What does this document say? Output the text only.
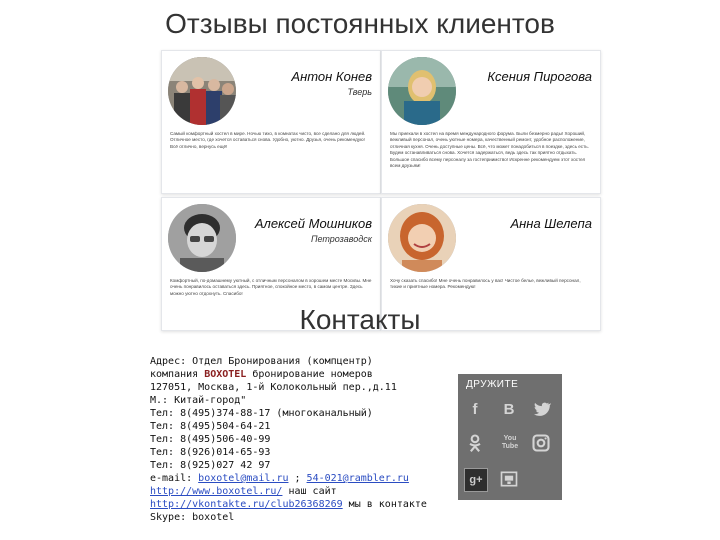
Отзывы постоянных клиентов
Антон Конев
Тверь
Самый комфортный хостел в мире. Ночью тихо, в комнатах чисто, все сделано для людей. Отличное место, где хочется оставаться снова. Удобно, уютно. Друзья, очень рекомендую! Всё отлично, вернусь ещё!
Ксения Пирогова
Мы приехали в хостел на время международного форума. Были безмерно рады! Хороший, вежливый персонал, очень уютные номера, качественный ремонт, удобное расположение, отличная кухня. Очень доступные цены. Всё, что может понадобиться в поездке, здесь есть. Будем останавливаться снова. Хочется задержаться, ведь здесь так приятно отдыхать. Большое спасибо всему персоналу за гостеприимство! Искренне рекомендуем этот хостел всем друзьям!
Алексей Мошников
Петрозаводск
Комфортный, по-домашнему уютный, с отличным персоналом в хорошем месте Москвы. Мне очень понравилось оставаться здесь. Приятное, спокойное место, в самом центре. Здесь можно уютно отдохнуть. Спасибо!
Анна Шелепа
Хочу сказать спасибо! Мне очень понравилось у вас! Чистое белье, вежливый персонал, тихие и приятные номера. Рекомендую!
Контакты
Адрес: Отдел Бронирования (компцентр)
компания BOXOTEL бронирование номеров
127051, Москва, 1-й Колокольный пер.,д.11
М.: Китай-город"
Тел: 8(495)374-88-17 (многоканальный)
Тел: 8(495)504-64-21
Тел: 8(495)506-40-99
Тел: 8(926)014-65-93
Тел: 8(925)027 42 97
e-mail: boxotel@mail.ru ; 54-021@rambler.ru
http://www.boxotel.ru/ наш сайт
http://vkontakte.ru/club26368269 мы в контакте
Skype: boxotel
ДРУЖИТЕ
f	B
You Tube
g+
